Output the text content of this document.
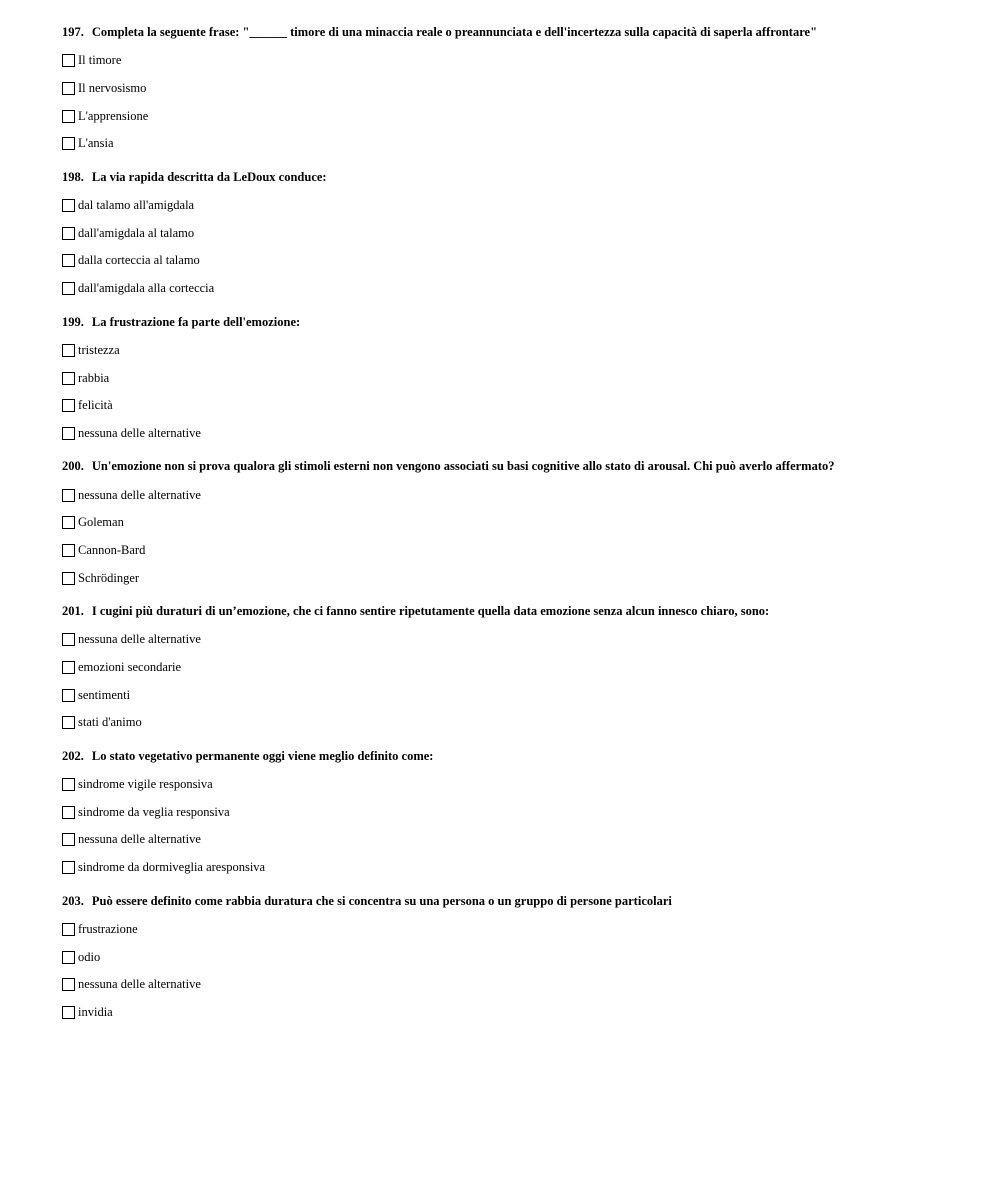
197. Completa la seguente frase: "______ timore di una minaccia reale o preannunciata e dell'incertezza sulla capacità di saperla affrontare"
Il timore
Il nervosismo
L'apprensione
L'ansia
198. La via rapida descritta da LeDoux conduce:
dal talamo all'amigdala
dall'amigdala al talamo
dalla corteccia al talamo
dall'amigdala alla corteccia
199. La frustrazione fa parte dell'emozione:
tristezza
rabbia
felicità
nessuna delle alternative
200. Un'emozione non si prova qualora gli stimoli esterni non vengono associati su basi cognitive allo stato di arousal. Chi può averlo affermato?
nessuna delle alternative
Goleman
Cannon-Bard
Schrödinger
201. I cugini più duraturi di un’emozione, che ci fanno sentire ripetutamente quella data emozione senza alcun innesco chiaro, sono:
nessuna delle alternative
emozioni secondarie
sentimenti
stati d'animo
202. Lo stato vegetativo permanente oggi viene meglio definito come:
sindrome vigile responsiva
sindrome da veglia responsiva
nessuna delle alternative
sindrome da dormiveglia aresponsiva
203. Può essere definito come rabbia duratura che si concentra su una persona o un gruppo di persone particolari
frustrazione
odio
nessuna delle alternative
invidia
